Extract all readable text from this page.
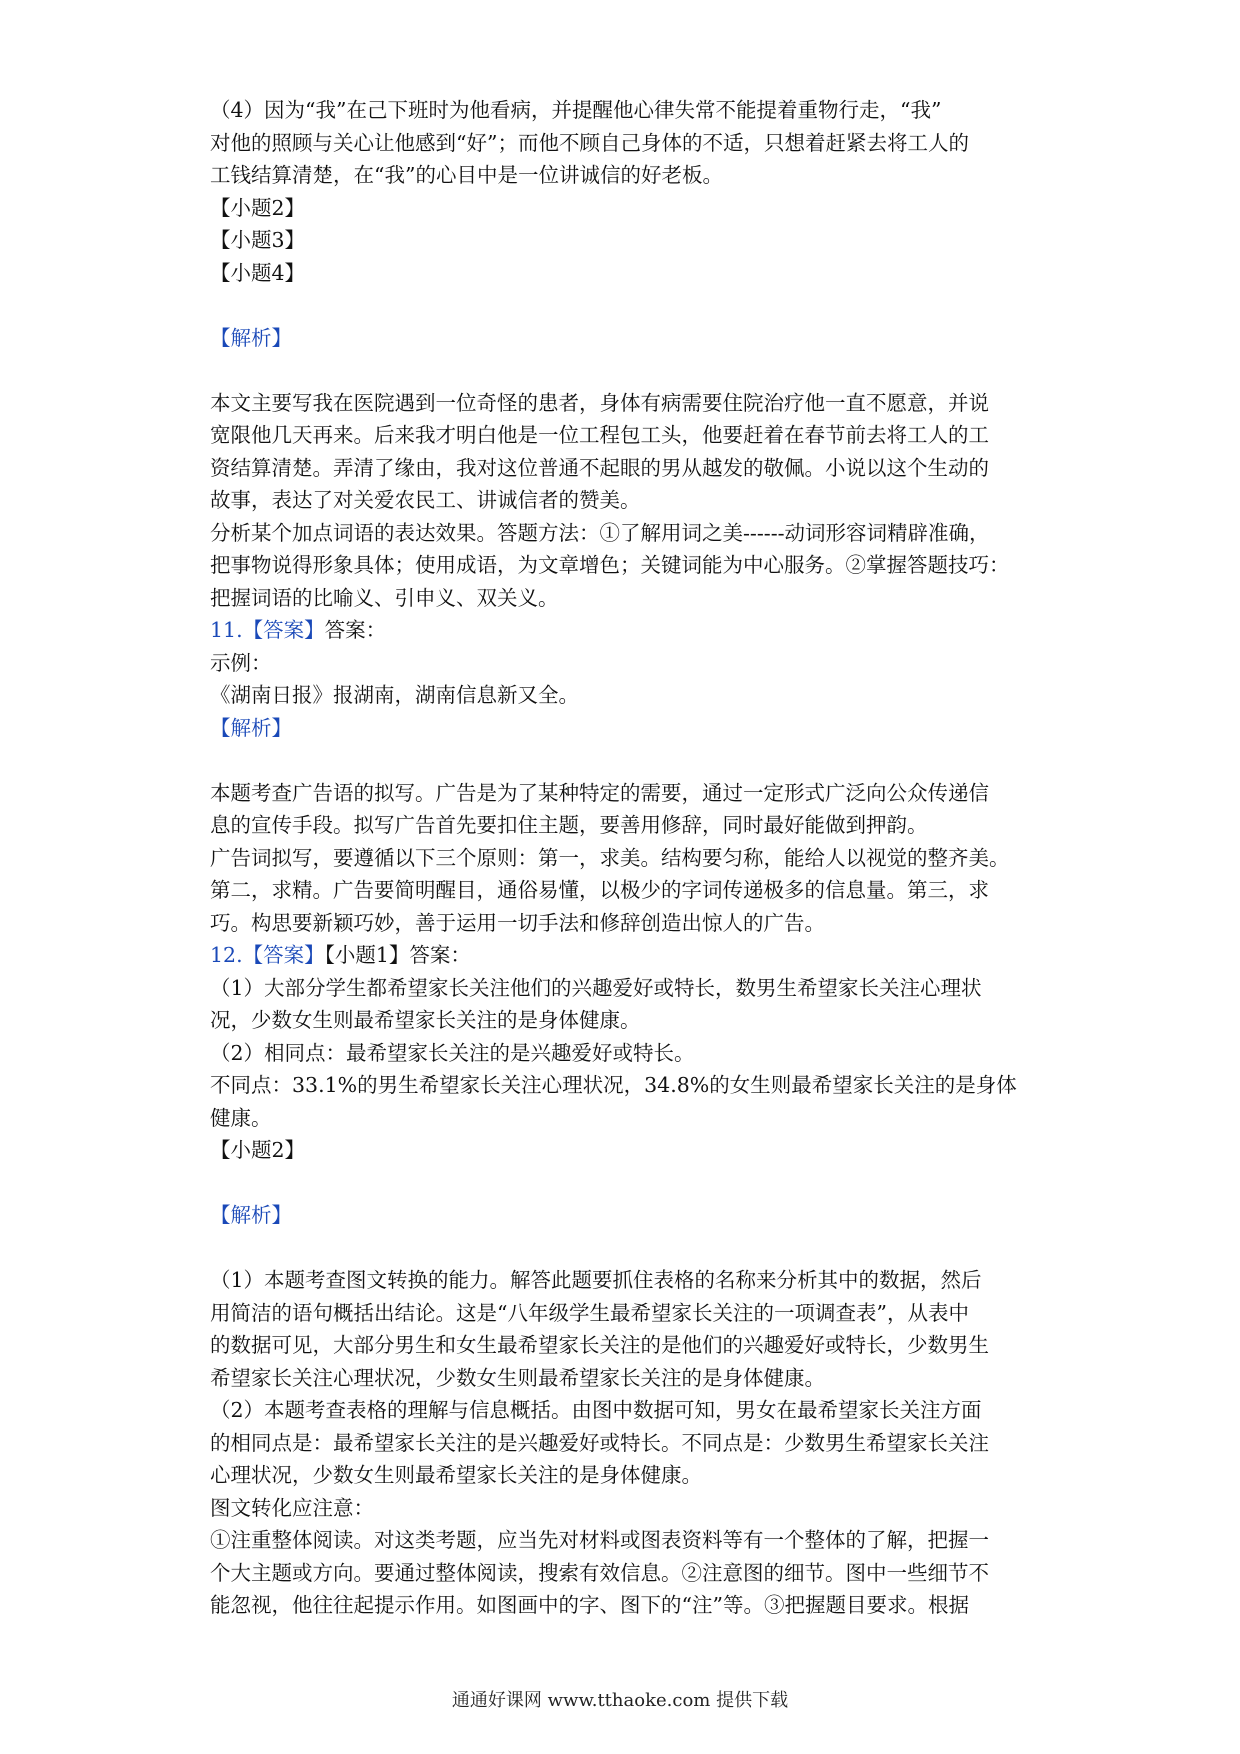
（4）因为“我”在己下班时为他看病，并提醒他心律失常不能提着重物行走，“我”
对他的照顾与关心让他感到“好”；而他不顾自己身体的不适，只想着赶紧去将工人的
工钱结算清楚，在“我”的心目中是一位讲诚信的好老板。
【小题2】
【小题3】
【小题4】
【解析】
本文主要写我在医院遇到一位奇怪的患者，身体有病需要住院治疗他一直不愿意，并说
宽限他几天再来。后来我才明白他是一位工程包工头，他要赶着在春节前去将工人的工
资结算清楚。弄清了缘由，我对这位普通不起眼的男从越发的敬佩。小说以这个生动的
故事，表达了对关爱农民工、讲诚信者的赞美。
分析某个加点词语的表达效果。答题方法：①了解用词之美------动词形容词精辟准确，
把事物说得形象具体；使用成语，为文章增色；关键词能为中心服务。②掌握答题技巧：
把握词语的比喻义、引申义、双关义。
11.【答案】答案：
示例：
《湖南日报》报湖南，湖南信息新又全。
【解析】
本题考查广告语的拟写。广告是为了某种特定的需要，通过一定形式广泛向公众传递信
息的宣传手段。拟写广告首先要扣住主题，要善用修辞，同时最好能做到押韵。
广告词拟写，要遵循以下三个原则：第一，求美。结构要匀称，能给人以视觉的整齐美。
第二，求精。广告要简明醒目，通俗易懂，以极少的字词传递极多的信息量。第三，求
巧。构思要新颖巧妙，善于运用一切手法和修辞创造出惊人的广告。
12.【答案】【小题1】答案：
（1）大部分学生都希望家长关注他们的兴趣爱好或特长，数男生希望家长关注心理状
况，少数女生则最希望家长关注的是身体健康。
（2）相同点：最希望家长关注的是兴趣爱好或特长。
不同点：33.1%的男生希望家长关注心理状况，34.8%的女生则最希望家长关注的是身体
健康。
【小题2】
【解析】
（1）本题考查图文转换的能力。解答此题要抓住表格的名称来分析其中的数据，然后
用简洁的语句概括出结论。这是“八年级学生最希望家长关注的一项调查表”，从表中
的数据可见，大部分男生和女生最希望家长关注的是他们的兴趣爱好或特长，少数男生
希望家长关注心理状况，少数女生则最希望家长关注的是身体健康。
（2）本题考查表格的理解与信息概括。由图中数据可知，男女在最希望家长关注方面
的相同点是：最希望家长关注的是兴趣爱好或特长。不同点是：少数男生希望家长关注
心理状况，少数女生则最希望家长关注的是身体健康。
图文转化应注意：
①注重整体阅读。对这类考题，应当先对材料或图表资料等有一个整体的了解，把握一
个大主题或方向。要通过整体阅读，搜索有效信息。②注意图的细节。图中一些细节不
能忽视，他往往起提示作用。如图画中的字、图下的“注”等。③把握题目要求。根据
通通好课网 www.tthaoke.com 提供下载
